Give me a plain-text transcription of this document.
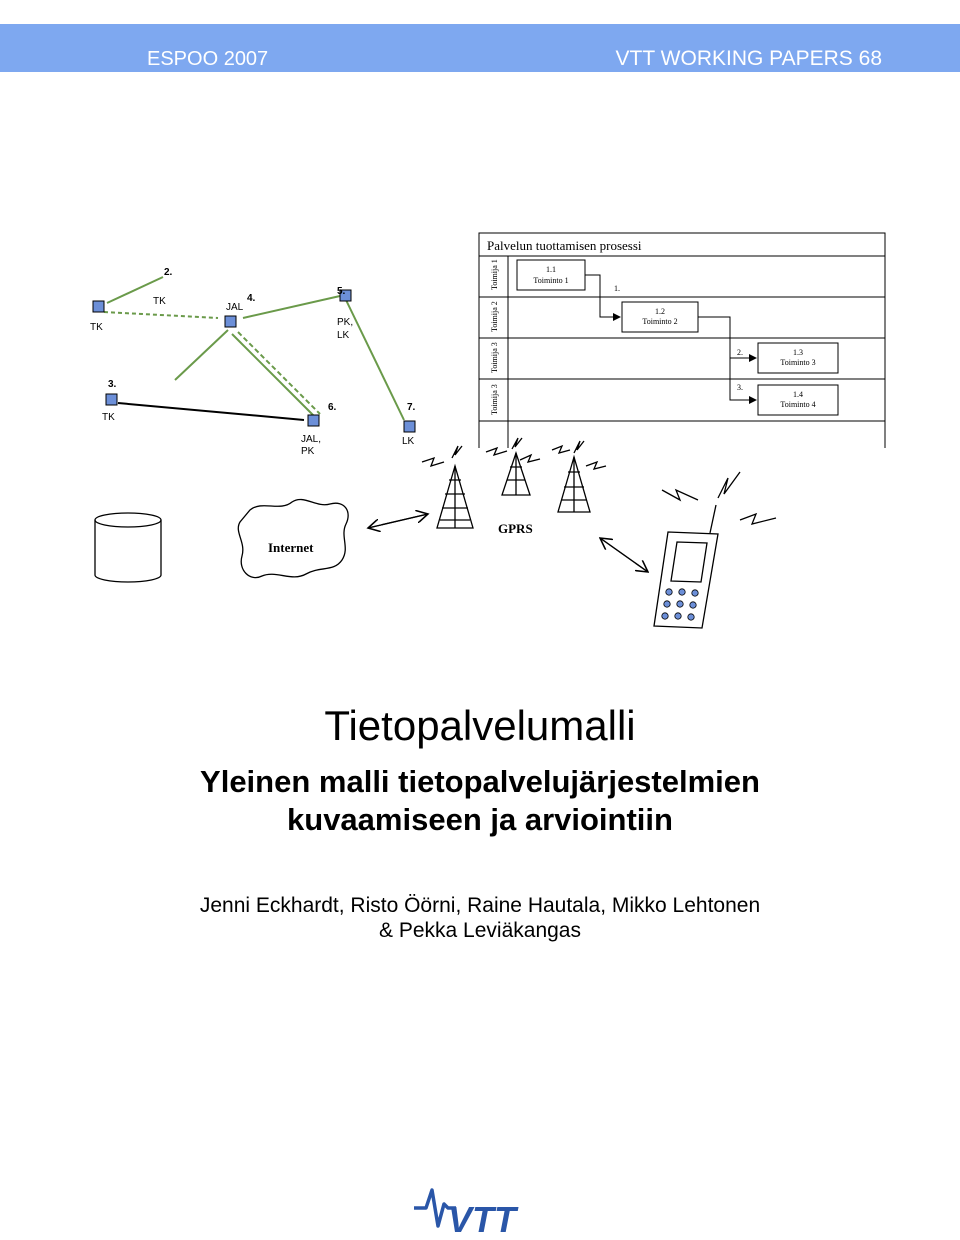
ESPOO 2007	VTT WORKING PAPERS 68
Palvelun tuottamisen prosessi
Toimija 1
Toimija 2
Toimija 3
Toimija 3
1.1
Toiminto 1
1.2
Toiminto 2
1.3
Toiminto 3
1.4
Toiminto 4
1.
2.
3.
2.
4.
5.
3.
6.	7.
TK
TK
JAL
PK,
LK
TK
JAL,
PK
LK
Internet
GPRS
Tietopalvelumalli
Yleinen malli tietopalvelujärjestelmien
kuvaamiseen ja arviointiin
Jenni Eckhardt, Risto Öörni, Raine Hautala, Mikko Lehtonen
& Pekka Leviäkangas
VTT
